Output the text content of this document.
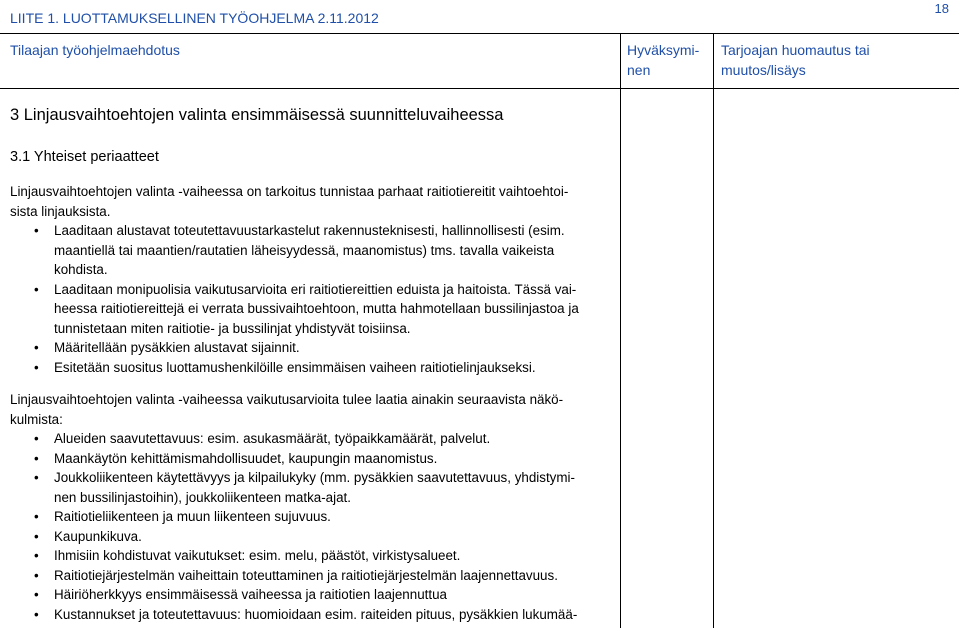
LIITE 1. LUOTTAMUKSELLINEN TYÖOHJELMA 2.11.2012
18
Tilaajan työohjelmaehdotus	Hyväksymi-
nen
Tarjoajan huomautus tai
muutos/lisäys
3 Linjausvaihtoehtojen valinta ensimmäisessä suunnitteluvaiheessa
3.1 Yhteiset periaatteet
Linjausvaihtoehtojen valinta -vaiheessa on tarkoitus tunnistaa parhaat raitiotiereitit vaihtoehtoi-
sista linjauksista.
• Laaditaan alustavat toteutettavuustarkastelut rakennusteknisesti, hallinnollisesti (esim.
maantiellä tai maantien/rautatien läheisyydessä, maanomistus) tms. tavalla vaikeista
kohdista.
• Laaditaan monipuolisia vaikutusarvioita eri raitiotiereittien eduista ja haitoista. Tässä vai-
heessa raitiotiereittejä ei verrata bussivaihtoehtoon, mutta hahmotellaan bussilinjastoa ja
tunnistetaan miten raitiotie- ja bussilinjat yhdistyvät toisiinsa.
• Määritellään pysäkkien alustavat sijainnit.
• Esitetään suositus luottamushenkilöille ensimmäisen vaiheen raitiotielinjaukseksi.
Linjausvaihtoehtojen valinta -vaiheessa vaikutusarvioita tulee laatia ainakin seuraavista näkö-
kulmista:
• Alueiden saavutettavuus: esim. asukasmäärät, työpaikkamäärät, palvelut.
• Maankäytön kehittämismahdollisuudet, kaupungin maanomistus.
• Joukkoliikenteen käytettävyys ja kilpailukyky (mm. pysäkkien saavutettavuus, yhdistymi-
nen bussilinjastoihin), joukkoliikenteen matka-ajat.
• Raitiotieliikenteen ja muun liikenteen sujuvuus.
• Kaupunkikuva.
• Ihmisiin kohdistuvat vaikutukset: esim. melu, päästöt, virkistysalueet.
• Raitiotiejärjestelmän vaiheittain toteuttaminen ja raitiotiejärjestelmän laajennettavuus.
• Häiriöherkkyys ensimmäisessä vaiheessa ja raitiotien laajennuttua
• Kustannukset ja toteutettavuus: huomioidaan esim. raiteiden pituus, pysäkkien lukumää-
